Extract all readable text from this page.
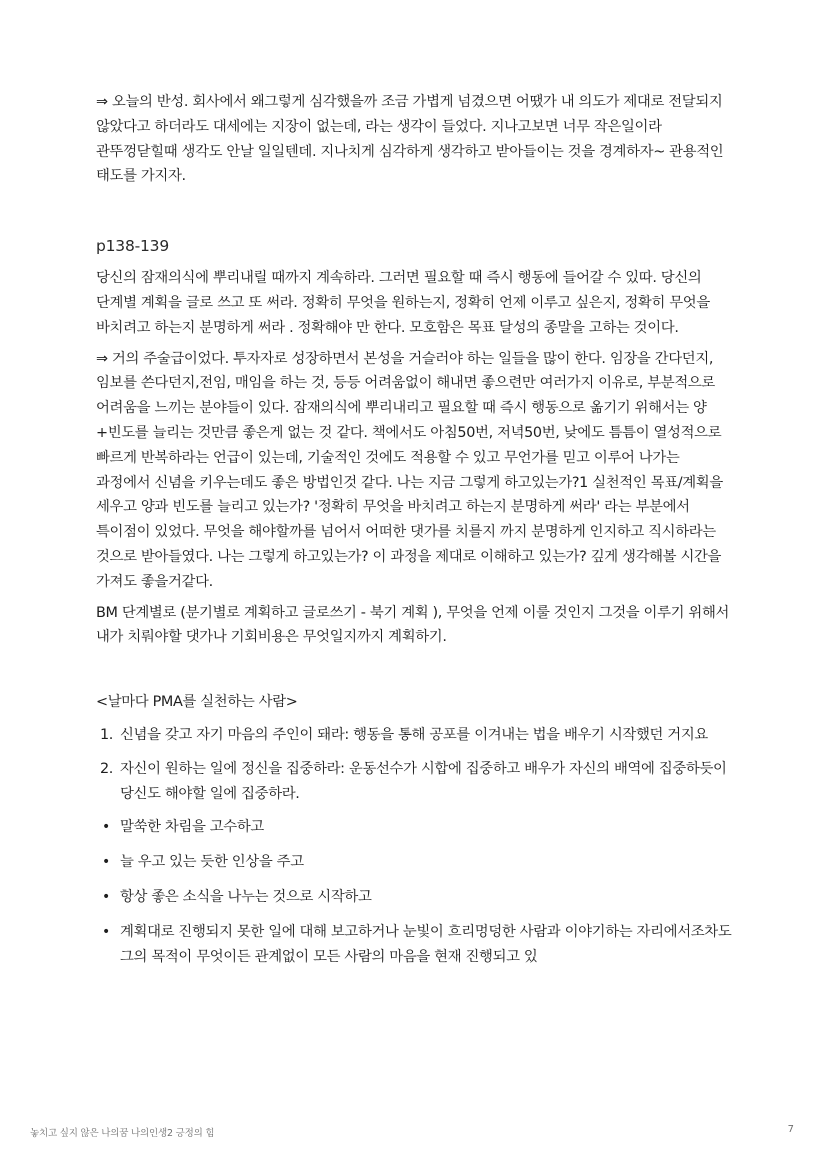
⇒ 오늘의 반성. 회사에서 왜그렇게 심각했을까 조금 가볍게 넘겼으면 어땠가 내 의도가 제대로 전달되지 않았다고 하더라도 대세에는 지장이 없는데, 라는 생각이 들었다. 지나고보면 너무 작은일이라 관뚜껑닫힐때 생각도 안날 일일텐데. 지나치게 심각하게 생각하고 받아들이는 것을 경계하자~ 관용적인 태도를 가지자.

p138-139

당신의 잠재의식에 뿌리내릴 때까지 계속하라. 그러면 필요할 때 즉시 행동에 들어갈 수 있따. 당신의 단계별 계획을 글로 쓰고 또 써라. 정확히 무엇을 원하는지, 정확히 언제 이루고 싶은지, 정확히 무엇을 바치려고 하는지 분명하게 써라 . 정확해야 만 한다. 모호함은 목표 달성의 종말을 고하는 것이다.

⇒ 거의 주술급이었다. 투자자로 성장하면서 본성을 거슬러야 하는 일들을 많이 한다. 임장을 간다던지, 임보를 쓴다던지,전임, 매임을 하는 것, 등등 어려움없이 해내면 좋으련만 여러가지 이유로, 부분적으로 어려움을 느끼는 분야들이 있다. 잠재의식에 뿌리내리고 필요할 때 즉시 행동으로 옮기기 위해서는 양+빈도를 늘리는 것만큼 좋은게 없는 것 같다. 책에서도 아침50번, 저녁50번, 낮에도 틈틈이 열성적으로 빠르게 반복하라는 언급이 있는데, 기술적인 것에도 적용할 수 있고 무언가를 믿고 이루어 나가는 과정에서 신념을 키우는데도 좋은 방법인것 같다. 나는 지금 그렇게 하고있는가?1 실천적인 목표/계획을 세우고 양과 빈도를 늘리고 있는가? '정확히 무엇을 바치려고 하는지 분명하게 써라' 라는 부분에서 특이점이 있었다. 무엇을 해야할까를 넘어서 어떠한 댓가를 치를지 까지 분명하게 인지하고 직시하라는 것으로 받아들였다. 나는 그렇게 하고있는가? 이 과정을 제대로 이해하고 있는가? 깊게 생각해볼 시간을 가져도 좋을거같다.

BM 단계별로 (분기별로 계획하고 글로쓰기 - 북기 계획 ), 무엇을 언제 이룰 것인지 그것을 이루기 위해서 내가 치뤄야할 댓가나 기회비용은 무엇일지까지 계획하기.

<날마다 PMA를 실천하는 사람>

1. 신념을 갖고 자기 마음의 주인이 돼라: 행동을 통해 공포를 이겨내는 법을 배우기 시작했던 거지요
2. 자신이 원하는 일에 정신을 집중하라: 운동선수가 시합에 집중하고 배우가 자신의 배역에 집중하듯이 당신도 해야할 일에 집중하라.
• 말쑥한 차림을 고수하고
• 늘 우고 있는 듯한 인상을 주고
• 항상 좋은 소식을 나누는 것으로 시작하고
• 계획대로 진행되지 못한 일에 대해 보고하거나 눈빛이 흐리멍덩한 사람과 이야기하는 자리에서조차도 그의 목적이 무엇이든 관계없이 모든 사람의 마음을 현재 진행되고 있
놓치고 싶지 않은 나의꿈 나의인생2 긍정의 힘	7
